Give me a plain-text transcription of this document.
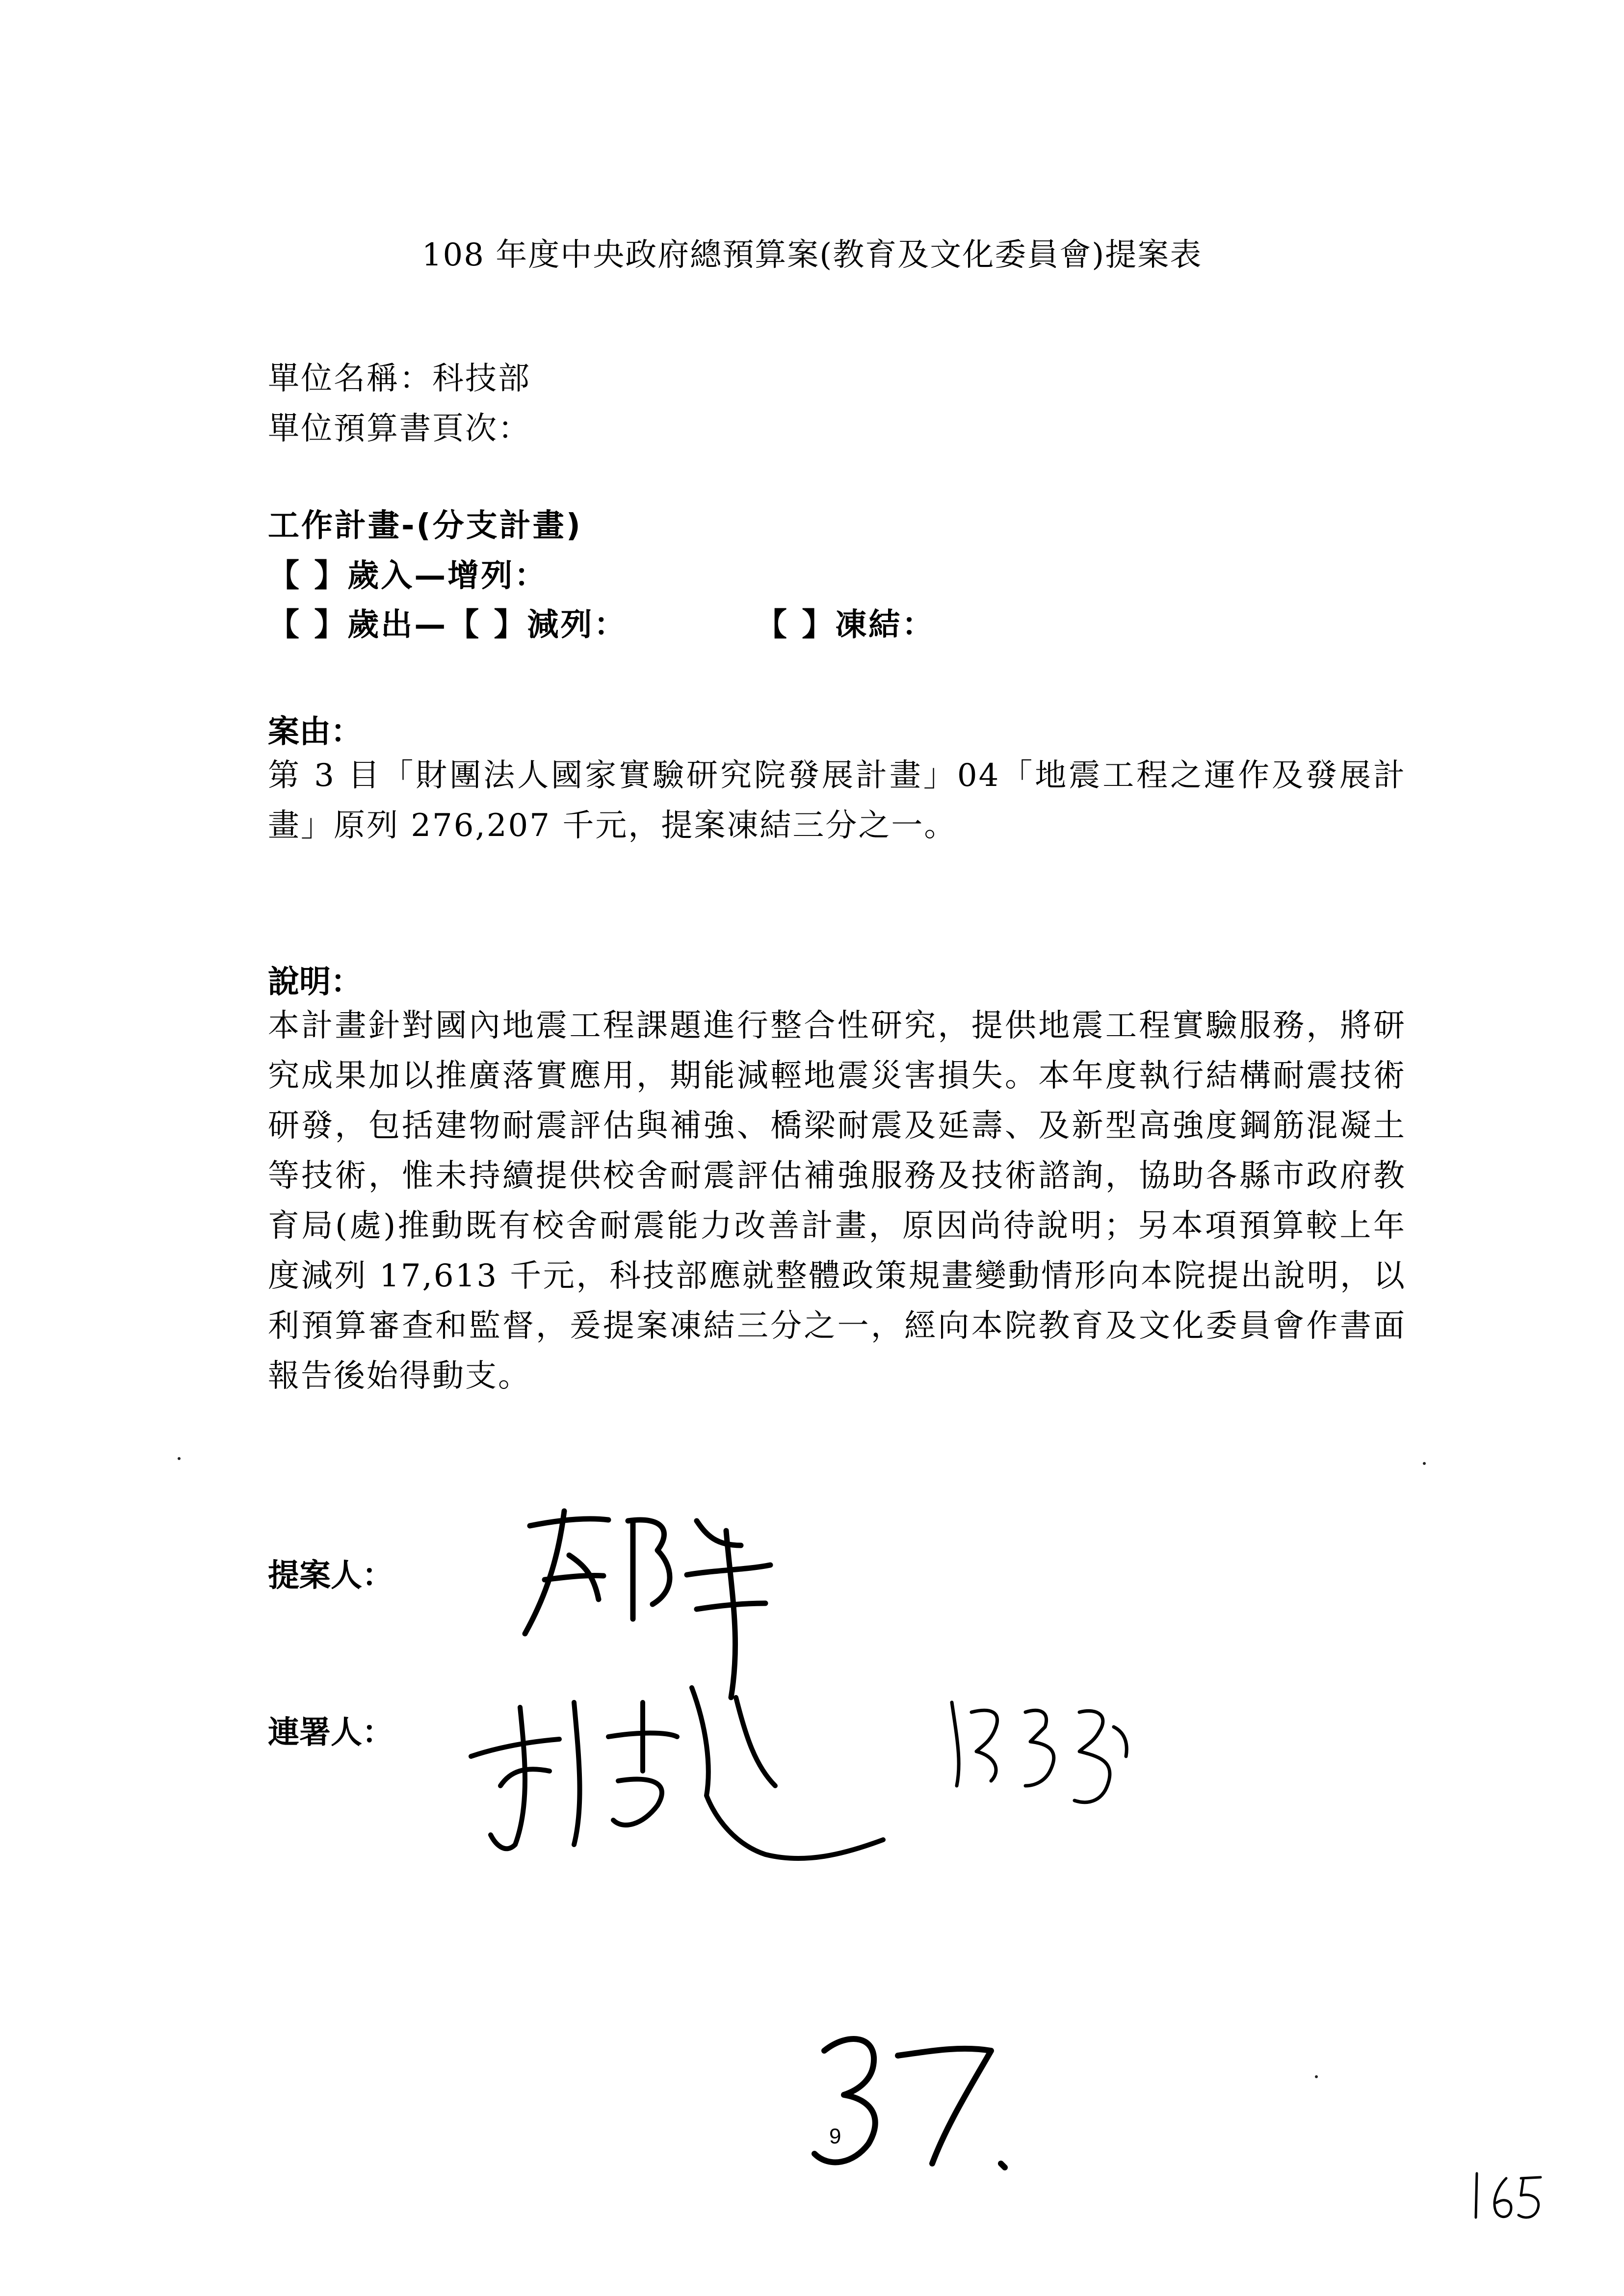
108 年度中央政府總預算案(教育及文化委員會)提案表
單位名稱：科技部
單位預算書頁次：
工作計畫-(分支計畫)
【 】歲入—增列：
【 】歲出—【 】減列：	【 】凍結：
案由：
第 3 目「財團法人國家實驗研究院發展計畫」04「地震工程之運作及發展計畫」原列 276,207 千元，提案凍結三分之一。
說明：
本計畫針對國內地震工程課題進行整合性研究，提供地震工程實驗服務，將研究成果加以推廣落實應用，期能減輕地震災害損失。本年度執行結構耐震技術研發，包括建物耐震評估與補強、橋梁耐震及延壽、及新型高強度鋼筋混凝土等技術，惟未持續提供校舍耐震評估補強服務及技術諮詢，協助各縣市政府教育局(處)推動既有校舍耐震能力改善計畫，原因尚待說明；另本項預算較上年度減列 17,613 千元，科技部應就整體政策規畫變動情形向本院提出說明，以利預算審查和監督，爰提案凍結三分之一，經向本院教育及文化委員會作書面報告後始得動支。
提案人：
連署人：
9
